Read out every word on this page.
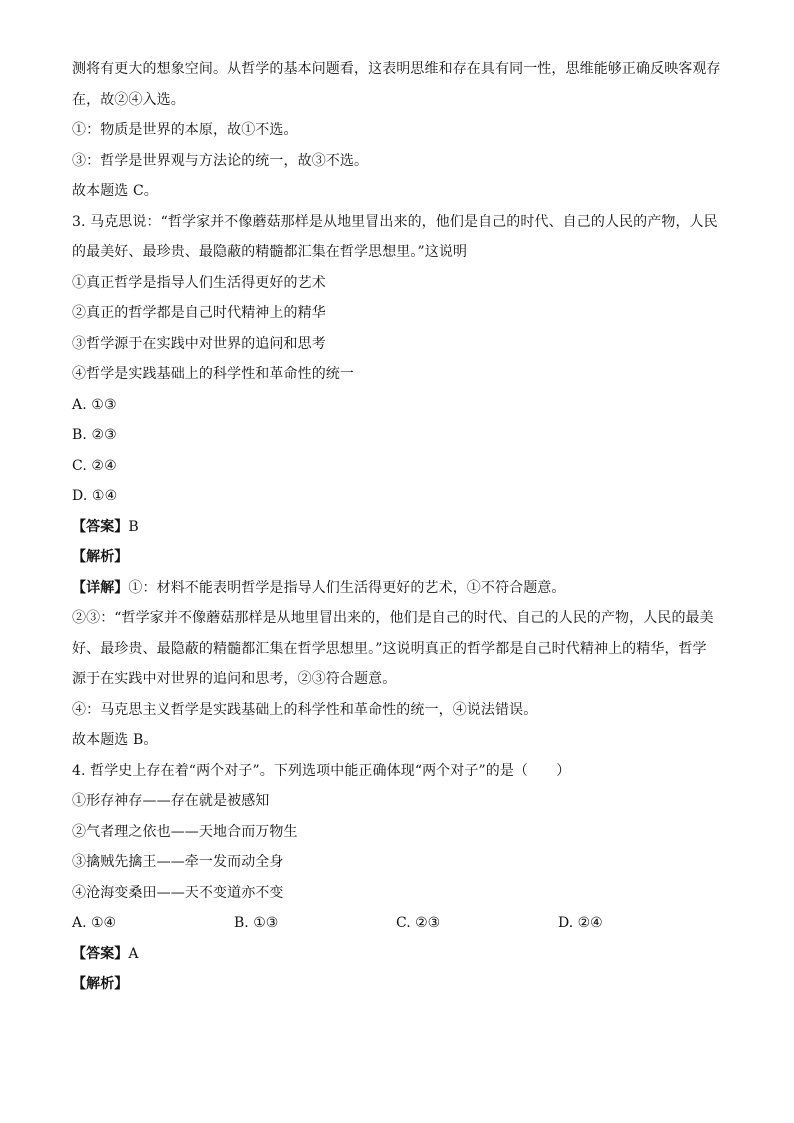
测将有更大的想象空间。从哲学的基本问题看，这表明思维和存在具有同一性，思维能够正确反映客观存
在，故②④入选。
①：物质是世界的本原，故①不选。
③：哲学是世界观与方法论的统一，故③不选。
故本题选 C。
3. 马克思说：“哲学家并不像蘑菇那样是从地里冒出来的，他们是自己的时代、自己的人民的产物，人民
的最美好、最珍贵、最隐蔽的精髓都汇集在哲学思想里。”这说明
①真正哲学是指导人们生活得更好的艺术
②真正的哲学都是自己时代精神上的精华
③哲学源于在实践中对世界的追问和思考
④哲学是实践基础上的科学性和革命性的统一
A. ①③
B. ②③
C. ②④
D. ①④
【答案】B
【解析】
【详解】①：材料不能表明哲学是指导人们生活得更好的艺术，①不符合题意。
②③：“哲学家并不像蘑菇那样是从地里冒出来的，他们是自己的时代、自己的人民的产物，人民的最美
好、最珍贵、最隐蔽的精髓都汇集在哲学思想里。”这说明真正的哲学都是自己时代精神上的精华，哲学
源于在实践中对世界的追问和思考，②③符合题意。
④：马克思主义哲学是实践基础上的科学性和革命性的统一，④说法错误。
故本题选 B。
4. 哲学史上存在着“两个对子”。下列选项中能正确体现“两个对子”的是（　　）
①形存神存——存在就是被感知
②气者理之依也——天地合而万物生
③擒贼先擒王——牵一发而动全身
④沧海变桑田——天不变道亦不变
A. ①④	B. ①③	C. ②③	D. ②④
【答案】A
【解析】
